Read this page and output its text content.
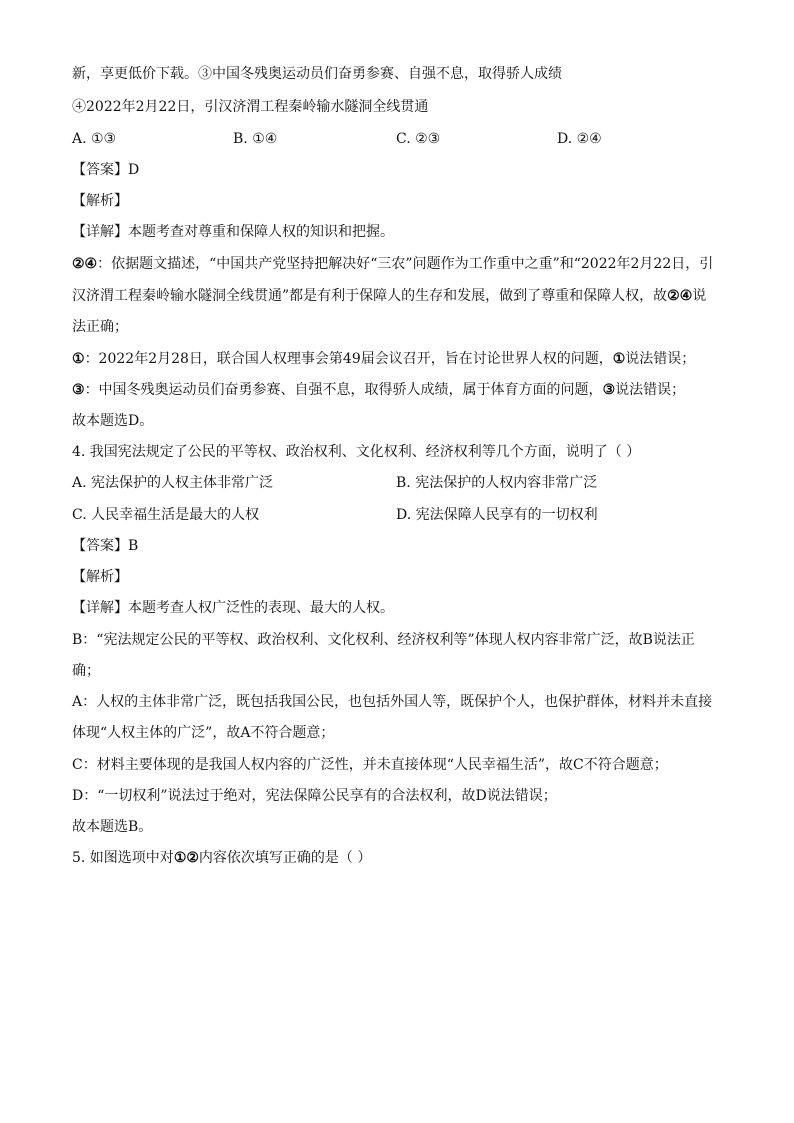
新，享更低价下载。③中国冬残奥运动员们奋勇参赛、自强不息，取得骄人成绩
④2022年2月22日，引汉济渭工程秦岭输水隧洞全线贯通
A. ①③	B. ①④	C. ②③	D. ②④
【答案】D
【解析】
【详解】本题考查对尊重和保障人权的知识和把握。
②④：依据题文描述，“中国共产党坚持把解决好“三农”问题作为工作重中之重”和“2022年2月22日，引
汉济渭工程秦岭输水隧洞全线贯通”都是有利于保障人的生存和发展，做到了尊重和保障人权，故②④说
法正确；
①：2022年2月28日，联合国人权理事会第49届会议召开，旨在讨论世界人权的问题，①说法错误；
③：中国冬残奥运动员们奋勇参赛、自强不息，取得骄人成绩，属于体育方面的问题，③说法错误；
故本题选D。
4. 我国宪法规定了公民的平等权、政治权利、文化权利、经济权利等几个方面，说明了（ ）
A. 宪法保护的人权主体非常广泛	B. 宪法保护的人权内容非常广泛
C. 人民幸福生活是最大的人权	D. 宪法保障人民享有的一切权利
【答案】B
【解析】
【详解】本题考查人权广泛性的表现、最大的人权。
B：“宪法规定公民的平等权、政治权利、文化权利、经济权利等”体现人权内容非常广泛，故B说法正
确；
A：人权的主体非常广泛，既包括我国公民，也包括外国人等，既保护个人，也保护群体，材料并未直接
体现“人权主体的广泛”，故A不符合题意；
C：材料主要体现的是我国人权内容的广泛性，并未直接体现“人民幸福生活”，故C不符合题意；
D：“一切权利”说法过于绝对，宪法保障公民享有的合法权利，故D说法错误；
故本题选B。
5. 如图选项中对①②内容依次填写正确的是（ ）
